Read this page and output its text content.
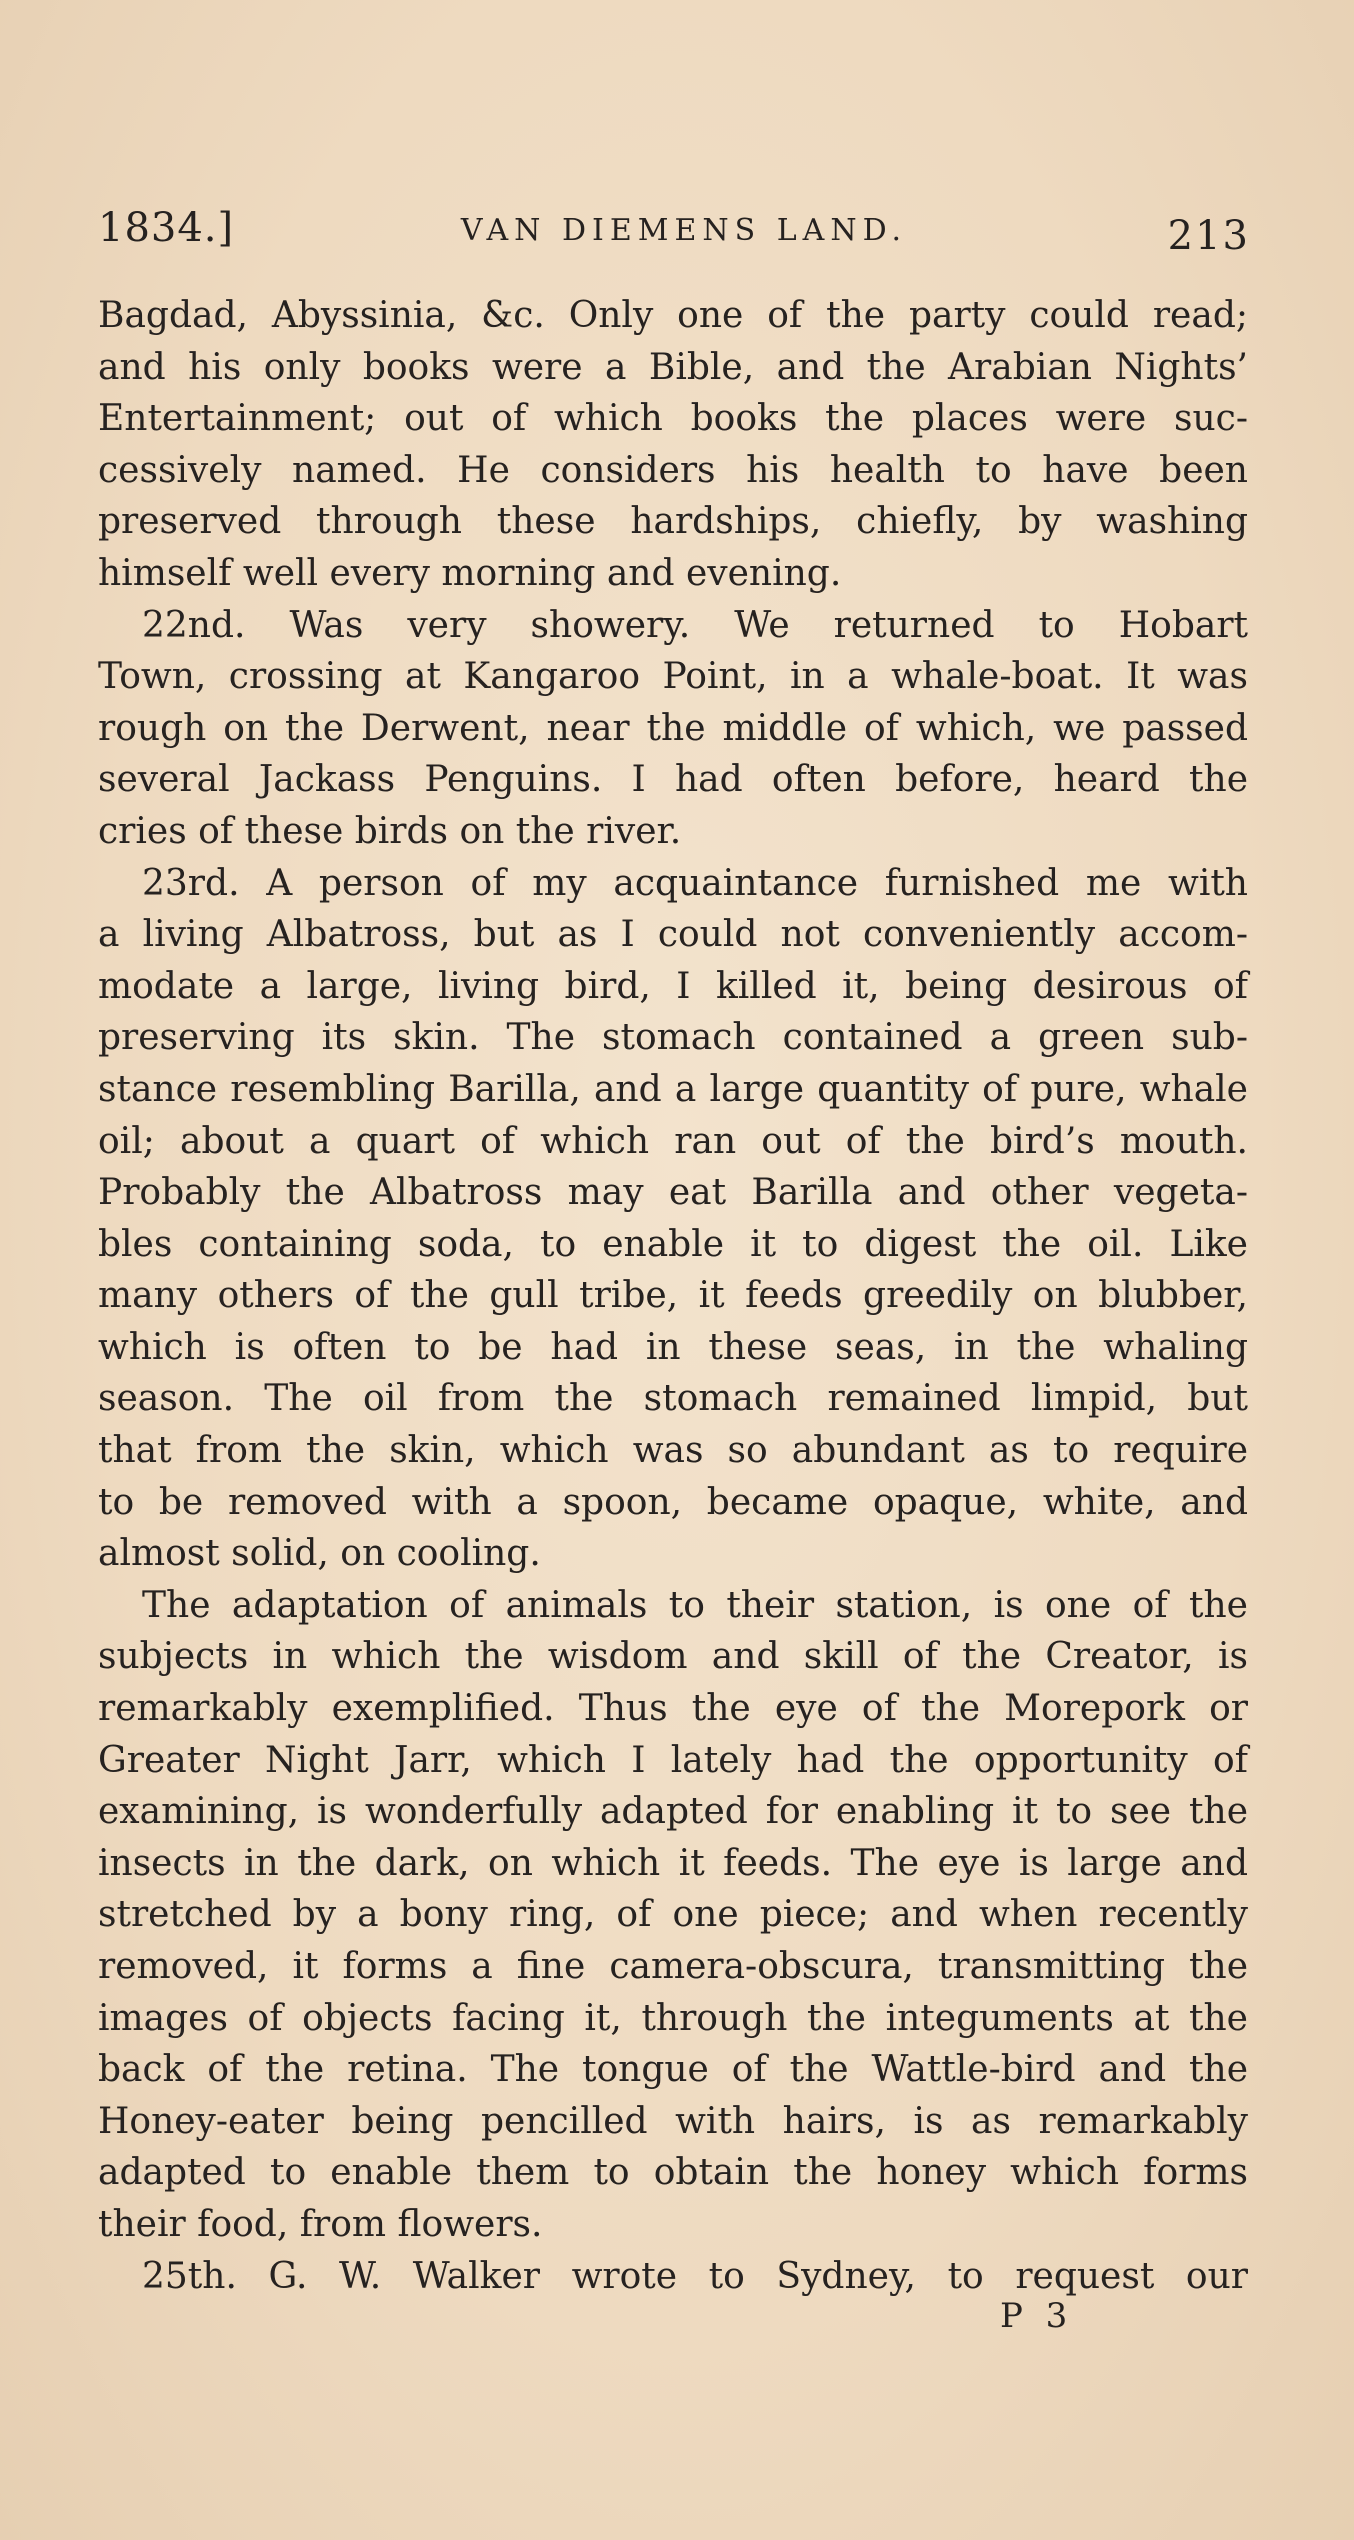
1834.]	VAN DIEMENS LAND.	213
Bagdad, Abyssinia, &c. Only one of the party could read;
and his only books were a Bible, and the Arabian Nights’
Entertainment; out of which books the places were suc-
cessively named. He considers his health to have been
preserved through these hardships, chiefly, by washing
himself well every morning and evening.
22nd. Was very showery. We returned to Hobart
Town, crossing at Kangaroo Point, in a whale-boat. It was
rough on the Derwent, near the middle of which, we passed
several Jackass Penguins. I had often before, heard the
cries of these birds on the river.
23rd. A person of my acquaintance furnished me with
a living Albatross, but as I could not conveniently accom-
modate a large, living bird, I killed it, being desirous of
preserving its skin. The stomach contained a green sub-
stance resembling Barilla, and a large quantity of pure, whale
oil; about a quart of which ran out of the bird’s mouth.
Probably the Albatross may eat Barilla and other vegeta-
bles containing soda, to enable it to digest the oil. Like
many others of the gull tribe, it feeds greedily on blubber,
which is often to be had in these seas, in the whaling
season. The oil from the stomach remained limpid, but
that from the skin, which was so abundant as to require
to be removed with a spoon, became opaque, white, and
almost solid, on cooling.
The adaptation of animals to their station, is one of the
subjects in which the wisdom and skill of the Creator, is
remarkably exemplified. Thus the eye of the Morepork or
Greater Night Jarr, which I lately had the opportunity of
examining, is wonderfully adapted for enabling it to see the
insects in the dark, on which it feeds. The eye is large and
stretched by a bony ring, of one piece; and when recently
removed, it forms a fine camera-obscura, transmitting the
images of objects facing it, through the integuments at the
back of the retina. The tongue of the Wattle-bird and the
Honey-eater being pencilled with hairs, is as remarkably
adapted to enable them to obtain the honey which forms
their food, from flowers.
25th. G. W. Walker wrote to Sydney, to request our
P 3
